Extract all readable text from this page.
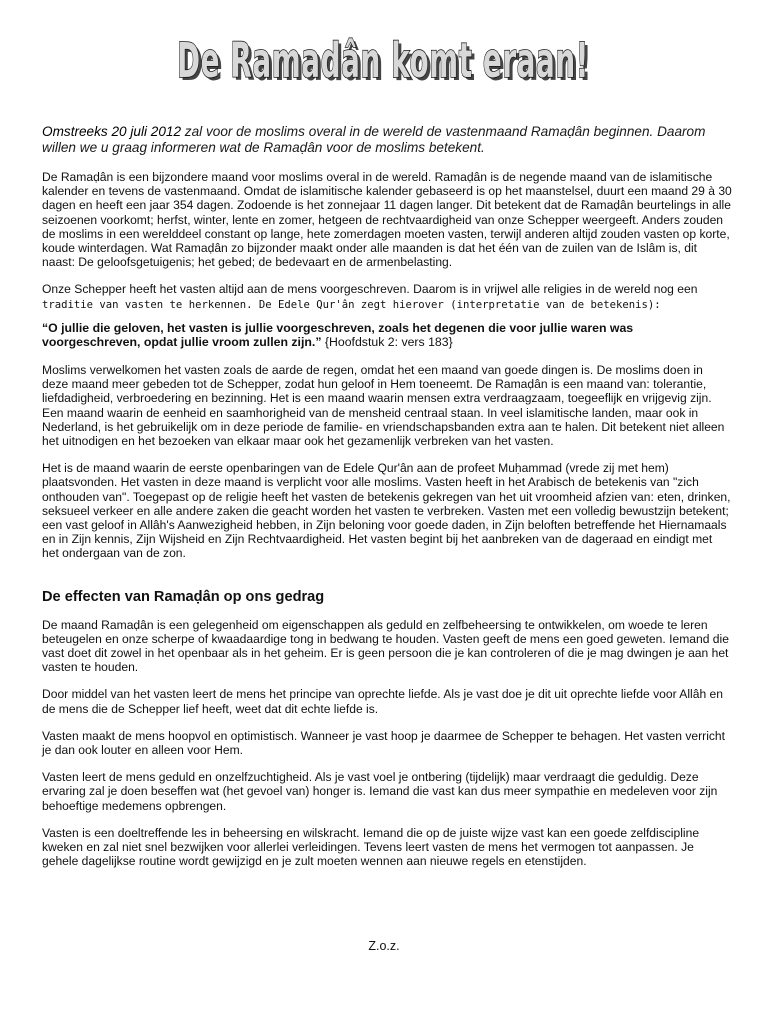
De Ramadân komt eraan!
De Ramadân komt eraan!
Omstreeks 20 juli 2012 zal voor de moslims overal in de wereld de vastenmaand Ramaḍân beginnen. Daarom willen we u graag informeren wat de Ramaḍân voor de moslims betekent.

De Ramaḍân is een bijzondere maand voor moslims overal in de wereld. Ramaḍân is de negende maand van de islamitische kalender en tevens de vastenmaand. Omdat de islamitische kalender gebaseerd is op het maanstelsel, duurt een maand 29 à 30 dagen en heeft een jaar 354 dagen. Zodoende is het zonnejaar 11 dagen langer. Dit betekent dat de Ramaḍân beurtelings in alle seizoenen voorkomt; herfst, winter, lente en zomer, hetgeen de rechtvaardigheid van onze Schepper weergeeft. Anders zouden de moslims in een werelddeel constant op lange, hete zomerdagen moeten vasten, terwijl anderen altijd zouden vasten op korte, koude winterdagen. Wat Ramaḍân zo bijzonder maakt onder alle maanden is dat het één van de zuilen van de Islâm is, dit naast: De geloofsgetuigenis; het gebed; de bedevaart en de armenbelasting.

Onze Schepper heeft het vasten altijd aan de mens voorgeschreven. Daarom is in vrijwel alle religies in de wereld nog een traditie van vasten te herkennen. De Edele Qur'ân zegt hierover (interpretatie van de betekenis):

“O jullie die geloven, het vasten is jullie voorgeschreven, zoals het degenen die voor jullie waren was voorgeschreven, opdat jullie vroom zullen zijn.” {Hoofdstuk 2: vers 183}

Moslims verwelkomen het vasten zoals de aarde de regen, omdat het een maand van goede dingen is. De moslims doen in deze maand meer gebeden tot de Schepper, zodat hun geloof in Hem toeneemt. De Ramaḍân is een maand van: tolerantie, liefdadigheid, verbroedering en bezinning. Het is een maand waarin mensen extra verdraagzaam, toegeeflijk en vrijgevig zijn. Een maand waarin de eenheid en saamhorigheid van de mensheid centraal staan. In veel islamitische landen, maar ook in Nederland, is het gebruikelijk om in deze periode de familie- en vriendschapsbanden extra aan te halen. Dit betekent niet alleen het uitnodigen en het bezoeken van elkaar maar ook het gezamenlijk verbreken van het vasten.

Het is de maand waarin de eerste openbaringen van de Edele Qur'ân aan de profeet Muḥammad (vrede zij met hem) plaatsvonden. Het vasten in deze maand is verplicht voor alle moslims. Vasten heeft in het Arabisch de betekenis van "zich onthouden van". Toegepast op de religie heeft het vasten de betekenis gekregen van het uit vroomheid afzien van: eten, drinken, seksueel verkeer en alle andere zaken die geacht worden het vasten te verbreken. Vasten met een volledig bewustzijn betekent; een vast geloof in Allâh's Aanwezigheid hebben, in Zijn beloning voor goede daden, in Zijn beloften betreffende het Hiernamaals en in Zijn kennis, Zijn Wijsheid en Zijn Rechtvaardigheid. Het vasten begint bij het aanbreken van de dageraad en eindigt met het ondergaan van de zon.

De effecten van Ramaḍân op ons gedrag

De maand Ramaḍân is een gelegenheid om eigenschappen als geduld en zelfbeheersing te ontwikkelen, om woede te leren beteugelen en onze scherpe of kwaadaardige tong in bedwang te houden. Vasten geeft de mens een goed geweten. Iemand die vast doet dit zowel in het openbaar als in het geheim. Er is geen persoon die je kan controleren of die je mag dwingen je aan het vasten te houden.

Door middel van het vasten leert de mens het principe van oprechte liefde. Als je vast doe je dit uit oprechte liefde voor Allâh en de mens die de Schepper lief heeft, weet dat dit echte liefde is.

Vasten maakt de mens hoopvol en optimistisch. Wanneer je vast hoop je daarmee de Schepper te behagen. Het vasten verricht je dan ook louter en alleen voor Hem.

Vasten leert de mens geduld en onzelfzuchtigheid. Als je vast voel je ontbering (tijdelijk) maar verdraagt die geduldig. Deze ervaring zal je doen beseffen wat (het gevoel van) honger is. Iemand die vast kan dus meer sympathie en medeleven voor zijn behoeftige medemens opbrengen.

Vasten is een doeltreffende les in beheersing en wilskracht. Iemand die op de juiste wijze vast kan een goede zelfdiscipline kweken en zal niet snel bezwijken voor allerlei verleidingen. Tevens leert vasten de mens het vermogen tot aanpassen. Je gehele dagelijkse routine wordt gewijzigd en je zult moeten wennen aan nieuwe regels en etenstijden.

Z.o.z.
